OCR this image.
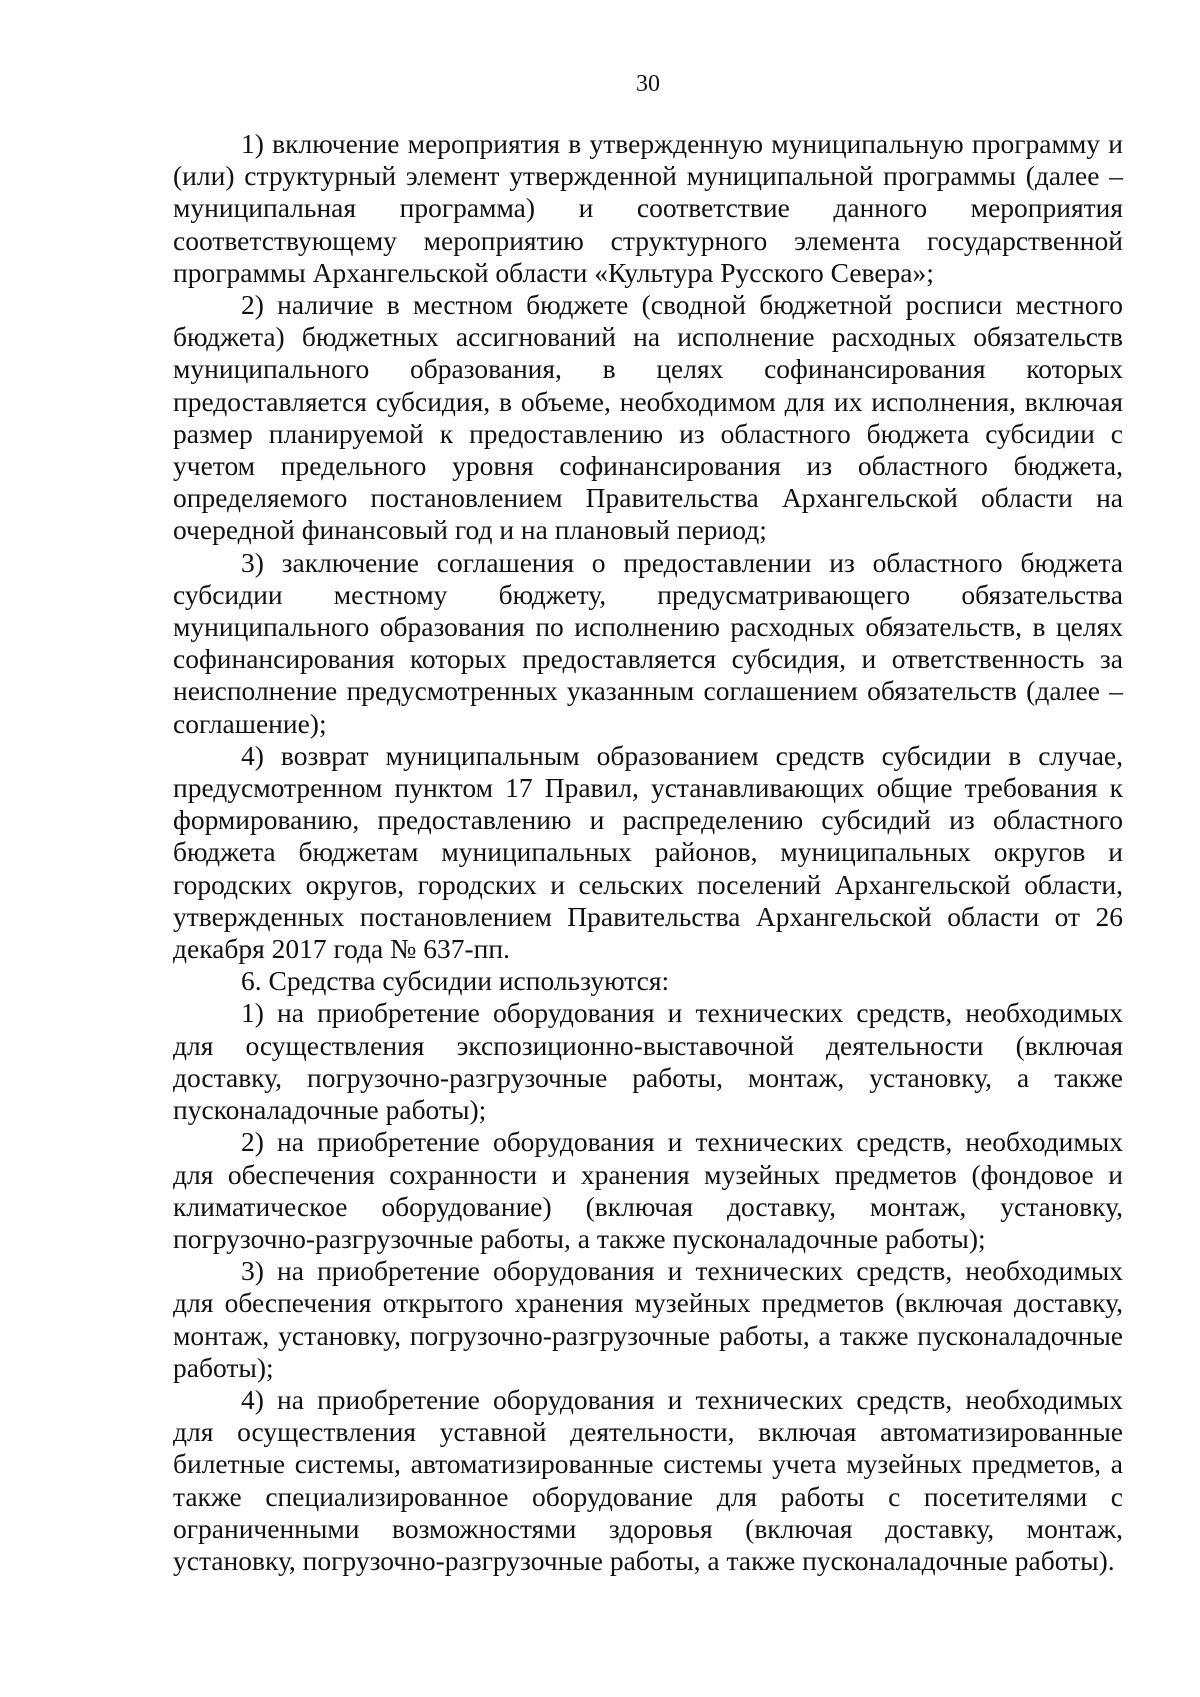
30

1) включение мероприятия в утвержденную муниципальную программу и (или) структурный элемент утвержденной муниципальной программы (далее – муниципальная программа) и соответствие данного мероприятия соответствующему мероприятию структурного элемента государственной программы Архангельской области «Культура Русского Севера»;

2) наличие в местном бюджете (сводной бюджетной росписи местного бюджета) бюджетных ассигнований на исполнение расходных обязательств муниципального образования, в целях софинансирования которых предоставляется субсидия, в объеме, необходимом для их исполнения, включая размер планируемой к предоставлению из областного бюджета субсидии с учетом предельного уровня софинансирования из областного бюджета, определяемого постановлением Правительства Архангельской области на очередной финансовый год и на плановый период;

3) заключение соглашения о предоставлении из областного бюджета субсидии местному бюджету, предусматривающего обязательства муниципального образования по исполнению расходных обязательств, в целях софинансирования которых предоставляется субсидия, и ответственность за неисполнение предусмотренных указанным соглашением обязательств (далее – соглашение);

4) возврат муниципальным образованием средств субсидии в случае, предусмотренном пунктом 17 Правил, устанавливающих общие требования к формированию, предоставлению и распределению субсидий из областного бюджета бюджетам муниципальных районов, муниципальных округов и городских округов, городских и сельских поселений Архангельской области, утвержденных постановлением Правительства Архангельской области от 26 декабря 2017 года № 637-пп.

6. Средства субсидии используются:

1) на приобретение оборудования и технических средств, необходимых для осуществления экспозиционно-выставочной деятельности (включая доставку, погрузочно-разгрузочные работы, монтаж, установку, а также пусконаладочные работы);

2) на приобретение оборудования и технических средств, необходимых для обеспечения сохранности и хранения музейных предметов (фондовое и климатическое оборудование) (включая доставку, монтаж, установку, погрузочно-разгрузочные работы, а также пусконаладочные работы);

3) на приобретение оборудования и технических средств, необходимых для обеспечения открытого хранения музейных предметов (включая доставку, монтаж, установку, погрузочно-разгрузочные работы, а также пусконаладочные работы);

4) на приобретение оборудования и технических средств, необходимых для осуществления уставной деятельности, включая автоматизированные билетные системы, автоматизированные системы учета музейных предметов, а также специализированное оборудование для работы с посетителями с ограниченными возможностями здоровья (включая доставку, монтаж, установку, погрузочно-разгрузочные работы, а также пусконаладочные работы).
